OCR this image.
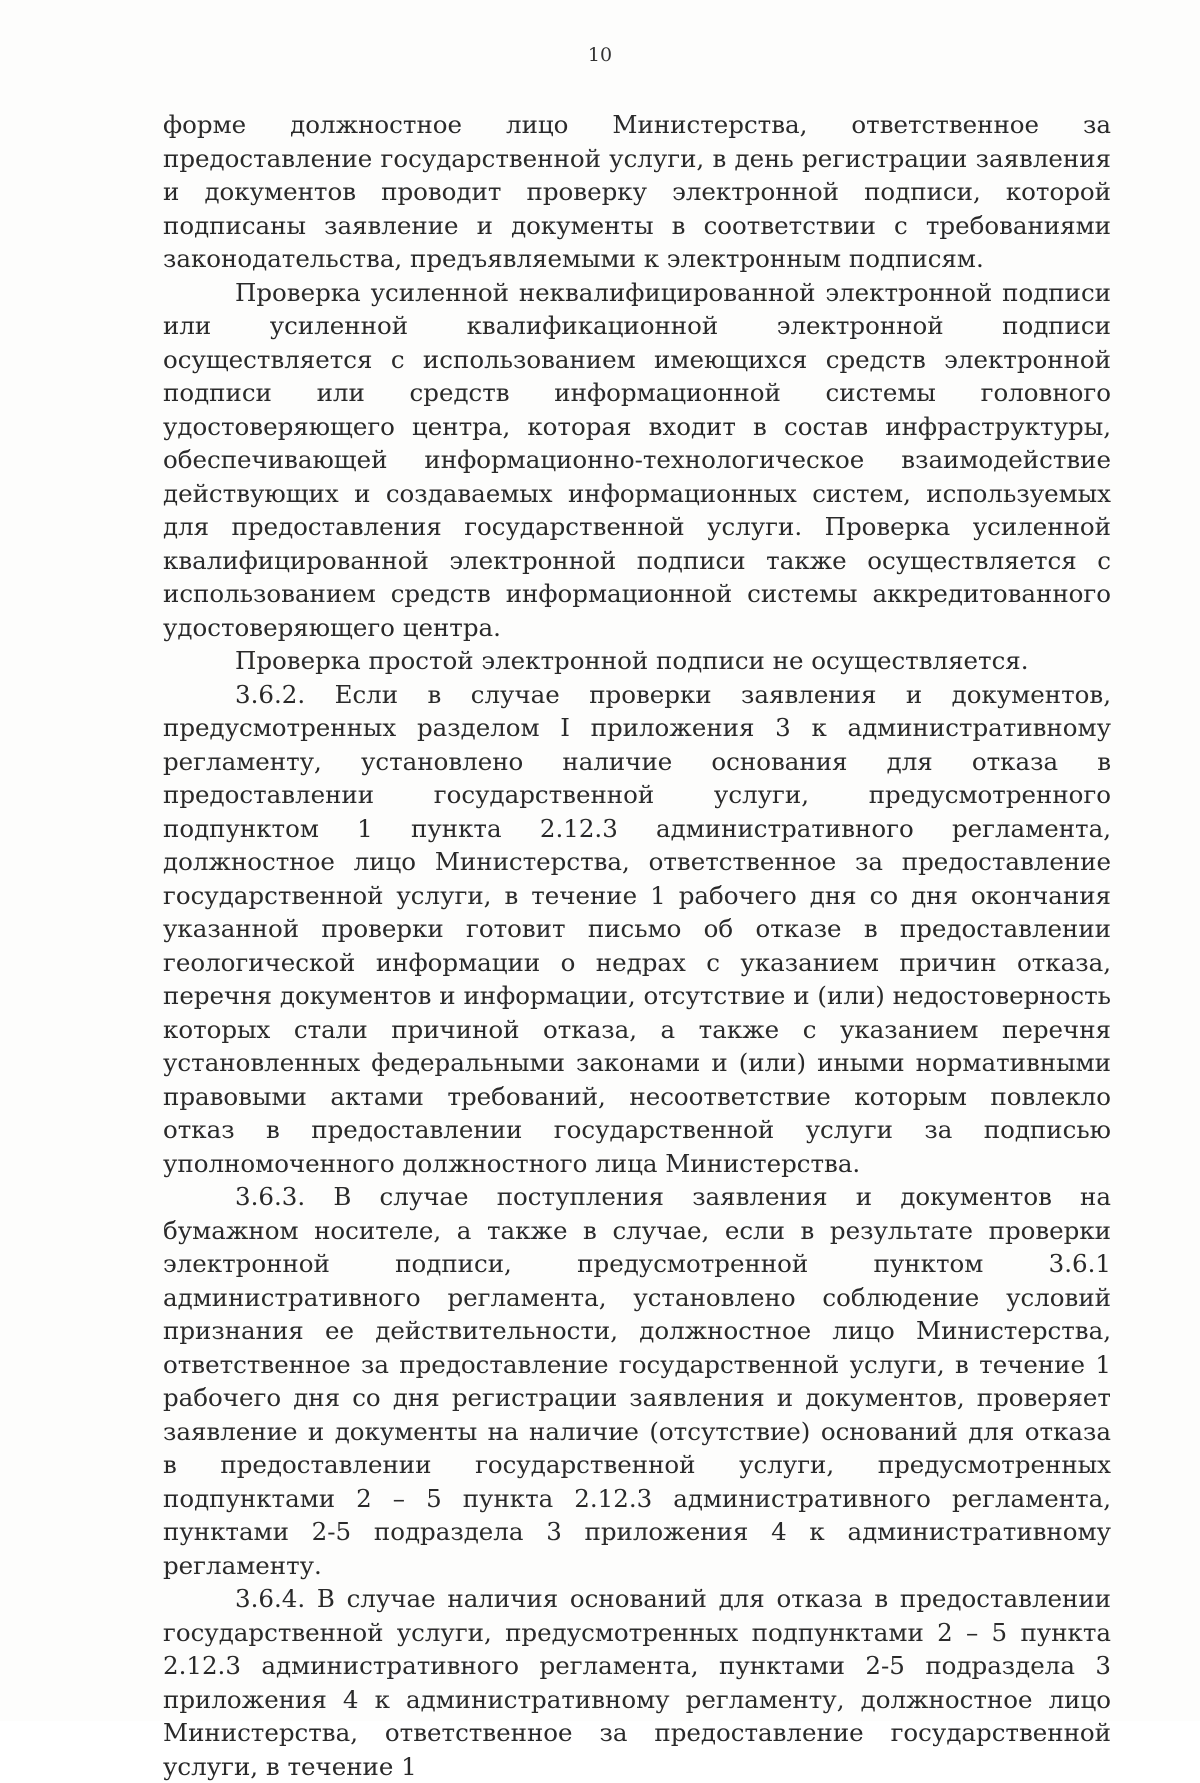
10

форме должностное лицо Министерства, ответственное за предоставление государственной услуги, в день регистрации заявления и документов проводит проверку электронной подписи, которой подписаны заявление и документы в соответствии с требованиями законодательства, предъявляемыми к электронным подписям.

Проверка усиленной неквалифицированной электронной подписи или усиленной квалификационной электронной подписи осуществляется с использованием имеющихся средств электронной подписи или средств информационной системы головного удостоверяющего центра, которая входит в состав инфраструктуры, обеспечивающей информационно-технологическое взаимодействие действующих и создаваемых информационных систем, используемых для предоставления государственной услуги. Проверка усиленной квалифицированной электронной подписи также осуществляется с использованием средств информационной системы аккредитованного удостоверяющего центра.

Проверка простой электронной подписи не осуществляется.

3.6.2. Если в случае проверки заявления и документов, предусмотренных разделом I приложения 3 к административному регламенту, установлено наличие основания для отказа в предоставлении государственной услуги, предусмотренного подпунктом 1 пункта 2.12.3 административного регламента, должностное лицо Министерства, ответственное за предоставление государственной услуги, в течение 1 рабочего дня со дня окончания указанной проверки готовит письмо об отказе в предоставлении геологической информации о недрах с указанием причин отказа, перечня документов и информации, отсутствие и (или) недостоверность которых стали причиной отказа, а также с указанием перечня установленных федеральными законами и (или) иными нормативными правовыми актами требований, несоответствие которым повлекло отказ в предоставлении государственной услуги за подписью уполномоченного должностного лица Министерства.

3.6.3. В случае поступления заявления и документов на бумажном носителе, а также в случае, если в результате проверки электронной подписи, предусмотренной пунктом 3.6.1 административного регламента, установлено соблюдение условий признания ее действительности, должностное лицо Министерства, ответственное за предоставление государственной услуги, в течение 1 рабочего дня со дня регистрации заявления и документов, проверяет заявление и документы на наличие (отсутствие) оснований для отказа в предоставлении государственной услуги, предусмотренных подпунктами 2 – 5 пункта 2.12.3 административного регламента, пунктами 2-5 подраздела 3 приложения 4 к административному регламенту.

3.6.4. В случае наличия оснований для отказа в предоставлении государственной услуги, предусмотренных подпунктами 2 – 5 пункта 2.12.3 административного регламента, пунктами 2-5 подраздела 3 приложения 4 к административному регламенту, должностное лицо Министерства, ответственное за предоставление государственной услуги, в течение 1
